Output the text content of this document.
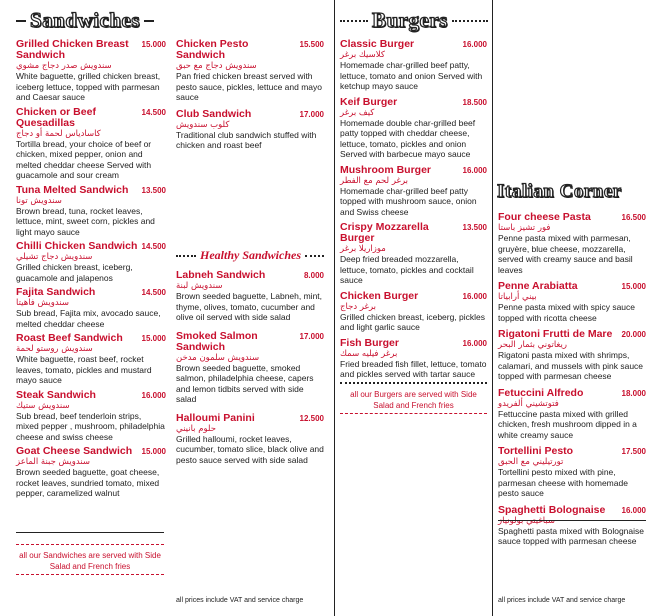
Sandwiches
Grilled Chicken Breast Sandwich
15.000
سندويش صدر دجاج مشوي
White baguette, grilled chicken breast, iceberg lettuce, topped with parmesan and Caesar sauce
Chicken or Beef Quesadillas
14.500
كاسادياس لحمة أو دجاج
Tortilla bread, your choice of beef or chicken, mixed pepper, onion and melted cheddar cheese Served with guacamole and sour cream
Tuna Melted Sandwich 13.500
سندويش تونا
Brown bread, tuna, rocket leaves, lettuce, mint, sweet corn, pickles and light mayo sauce
Chilli Chicken Sandwich 14.500
سندويش دجاج تشيلي
Grilled chicken breast, iceberg, guacamole and jalapenos
Fajita Sandwich	14.500
سندويش فاهيتا
Sub bread, Fajita mix, avocado sauce, melted cheddar cheese
Roast Beef Sandwich 15.000
سندويش روستو لحمة
White baguette, roast beef, rocket leaves, tomato, pickles and mustard mayo sauce
Steak Sandwich	16.000
سندويش ستيك
Sub bread, beef tenderloin strips, mixed pepper , mushroom, philadelphia cheese and swiss cheese
Goat Cheese Sandwich 15.000
سندويش جبنة الماعز
Brown seeded baguette, goat cheese, rocket leaves, sundried tomato, mixed pepper, caramelized walnut
Chicken Pesto Sandwich
15.500
سندويش دجاج مع حبق
Pan fried chicken breast served with pesto sauce, pickles, lettuce and mayo sauce
Club Sandwich	17.000
كلوب سندويش
Traditional club sandwich stuffed with chicken and roast beef
Healthy Sandwiches
Labneh Sandwich	8.000
سندويش لبنة
Brown seeded baguette, Labneh, mint, thyme, olives, tomato, cucumber and olive oil served with side salad
Smoked Salmon Sandwich
17.000
سندويش سلمون مدخن
Brown seeded baguette, smoked salmon, philadelphia cheese, capers and lemon tidbits served with side salad
Halloumi Panini	12.500
حلوم بانيني
Grilled halloumi, rocket leaves, cucumber, tomato slice, black olive and pesto sauce served with side salad
all our Sandwiches are served with Side Salad and French fries
all prices include VAT and service charge
Burgers
Classic Burger	16.000
كلاسيك برغر
Homemade char-grilled beef patty, lettuce, tomato and onion Served with ketchup mayo sauce
Keif Burger	18.500
كيف برغر
Homemade double char-grilled beef patty topped with cheddar cheese, lettuce, tomato, pickles and onion Served with barbecue mayo sauce
Mushroom Burger	16.000
برغر لحم مع الفطر
Homemade char-grilled beef patty topped with mushroom sauce, onion and Swiss cheese
Crispy Mozzarella Burger
13.500
موزاريلا برغر
Deep fried breaded mozzarella, lettuce, tomato, pickles and cocktail sauce
Chicken Burger	16.000
برغر دجاج
Grilled chicken breast, iceberg, pickles and light garlic sauce
Fish Burger	16.000
برغر فيليه سمك
Fried breaded fish fillet, lettuce, tomato and pickles served with tartar sauce
all our Burgers are served with Side Salad and French fries
Italian Corner
Four cheese Pasta	16.500
فور تشيز باستا
Penne pasta mixed with parmesan, gruyère, blue cheese, mozzarella, served with creamy sauce and basil leaves
Penne Arabiatta	15.000
بيني أرابياتا
Penne pasta mixed with spicy sauce topped with ricotta cheese
Rigatoni Frutti de Mare 20.000
ريغاتوني بثمار البحر
Rigatoni pasta mixed with shrimps, calamari, and mussels with pink sauce topped with parmesan cheese
Fetuccini Alfredo	18.000
فتوتشيني ألفريدو
Fettuccine pasta mixed with grilled chicken, fresh mushroom dipped in a white creamy sauce
Tortellini Pesto	17.500
تورتيليني مع الحبق
Tortellini pesto mixed with pine, parmesan cheese with homemade pesto sauce
Spaghetti Bolognaise 16.000
Spaghetti pasta mixed with Bolognaise sauce topped with parmesan cheese
all prices include VAT and service charge
